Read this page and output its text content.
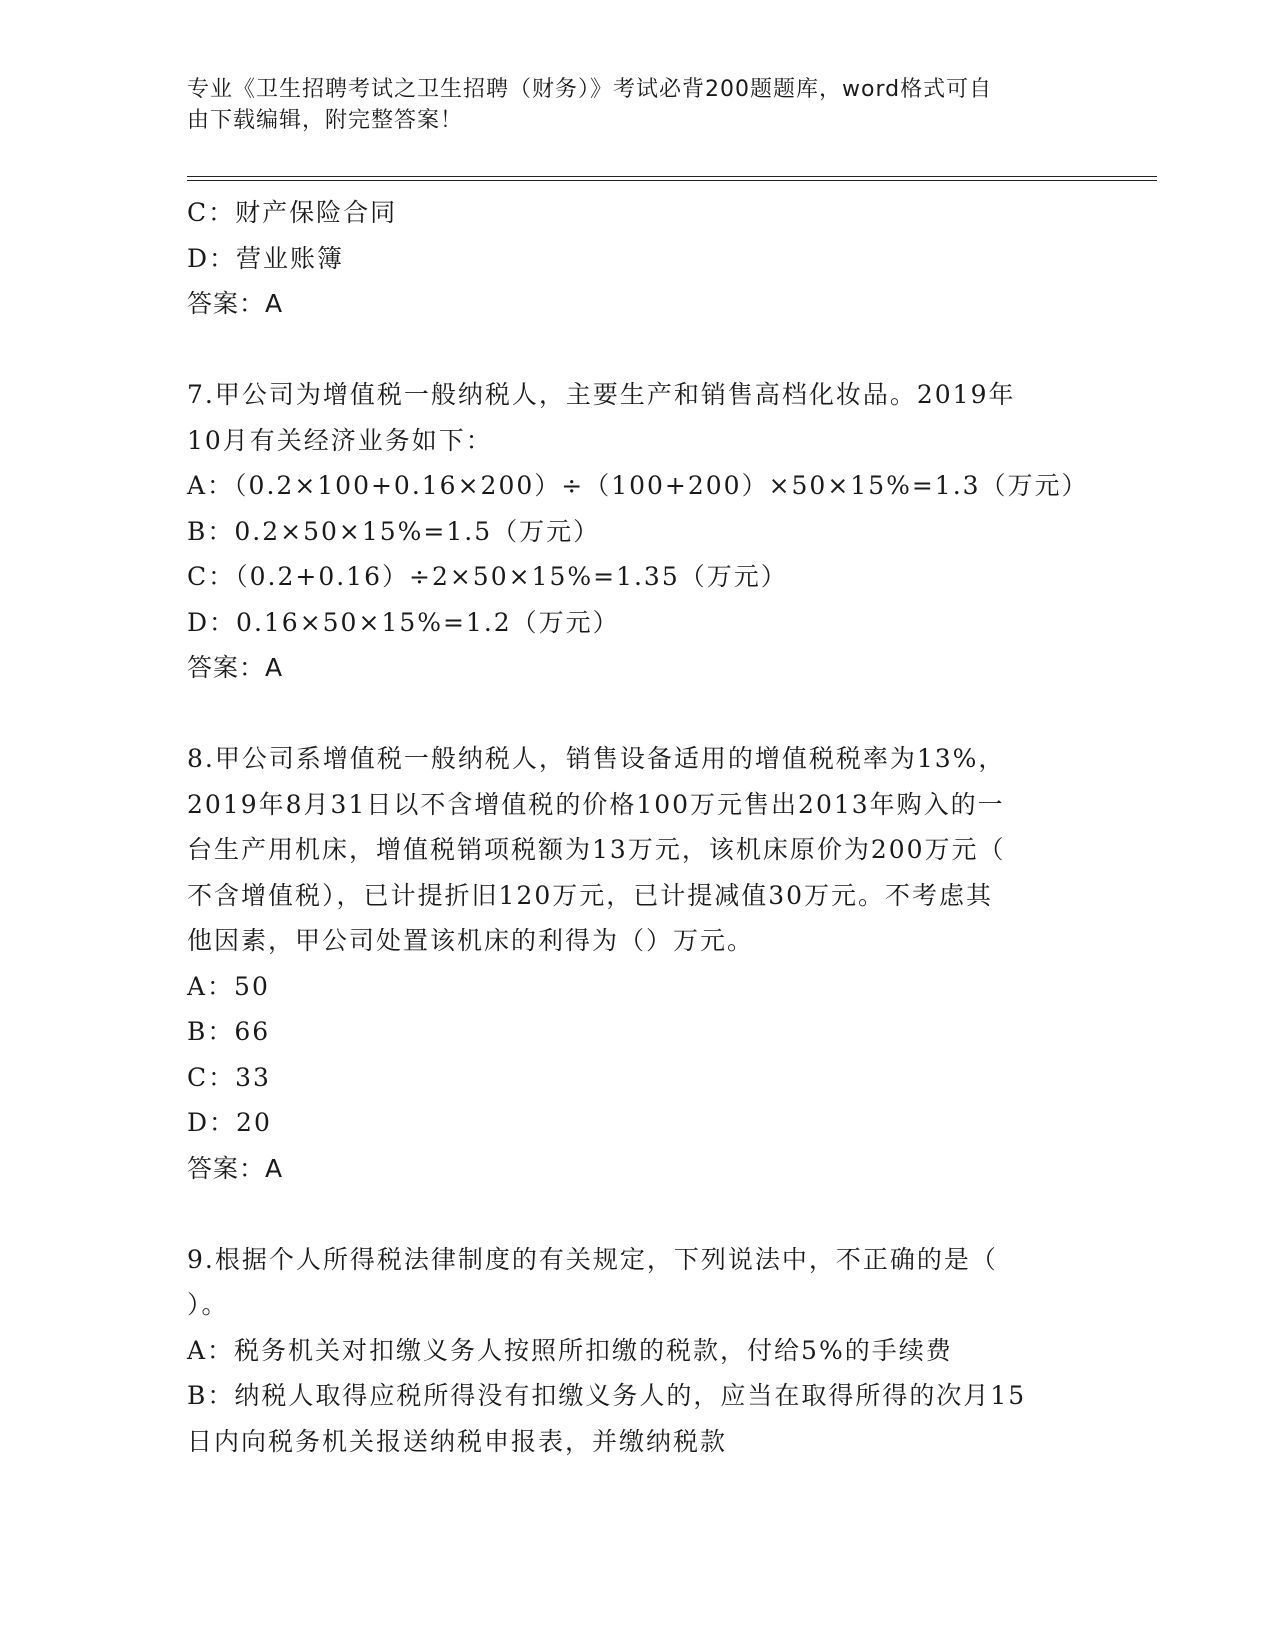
专业《卫生招聘考试之卫生招聘（财务）》考试必背200题题库，word格式可自
由下载编辑，附完整答案！
C：财产保险合同
D：营业账簿
答案：A
7.甲公司为增值税一般纳税人，主要生产和销售高档化妆品。2019年
10月有关经济业务如下：
A：（0.2×100+0.16×200）÷（100+200）×50×15%=1.3（万元）
B：0.2×50×15%=1.5（万元）
C：（0.2+0.16）÷2×50×15%=1.35（万元）
D：0.16×50×15%=1.2（万元）
答案：A
8.甲公司系增值税一般纳税人，销售设备适用的增值税税率为13%，
2019年8月31日以不含增值税的价格100万元售出2013年购入的一
台生产用机床，增值税销项税额为13万元，该机床原价为200万元（
不含增值税），已计提折旧120万元，已计提减值30万元。不考虑其
他因素，甲公司处置该机床的利得为（）万元。
A：50
B：66
C：33
D：20
答案：A
9.根据个人所得税法律制度的有关规定，下列说法中，不正确的是（
）。
A：税务机关对扣缴义务人按照所扣缴的税款，付给5%的手续费
B：纳税人取得应税所得没有扣缴义务人的，应当在取得所得的次月15
日内向税务机关报送纳税申报表，并缴纳税款
